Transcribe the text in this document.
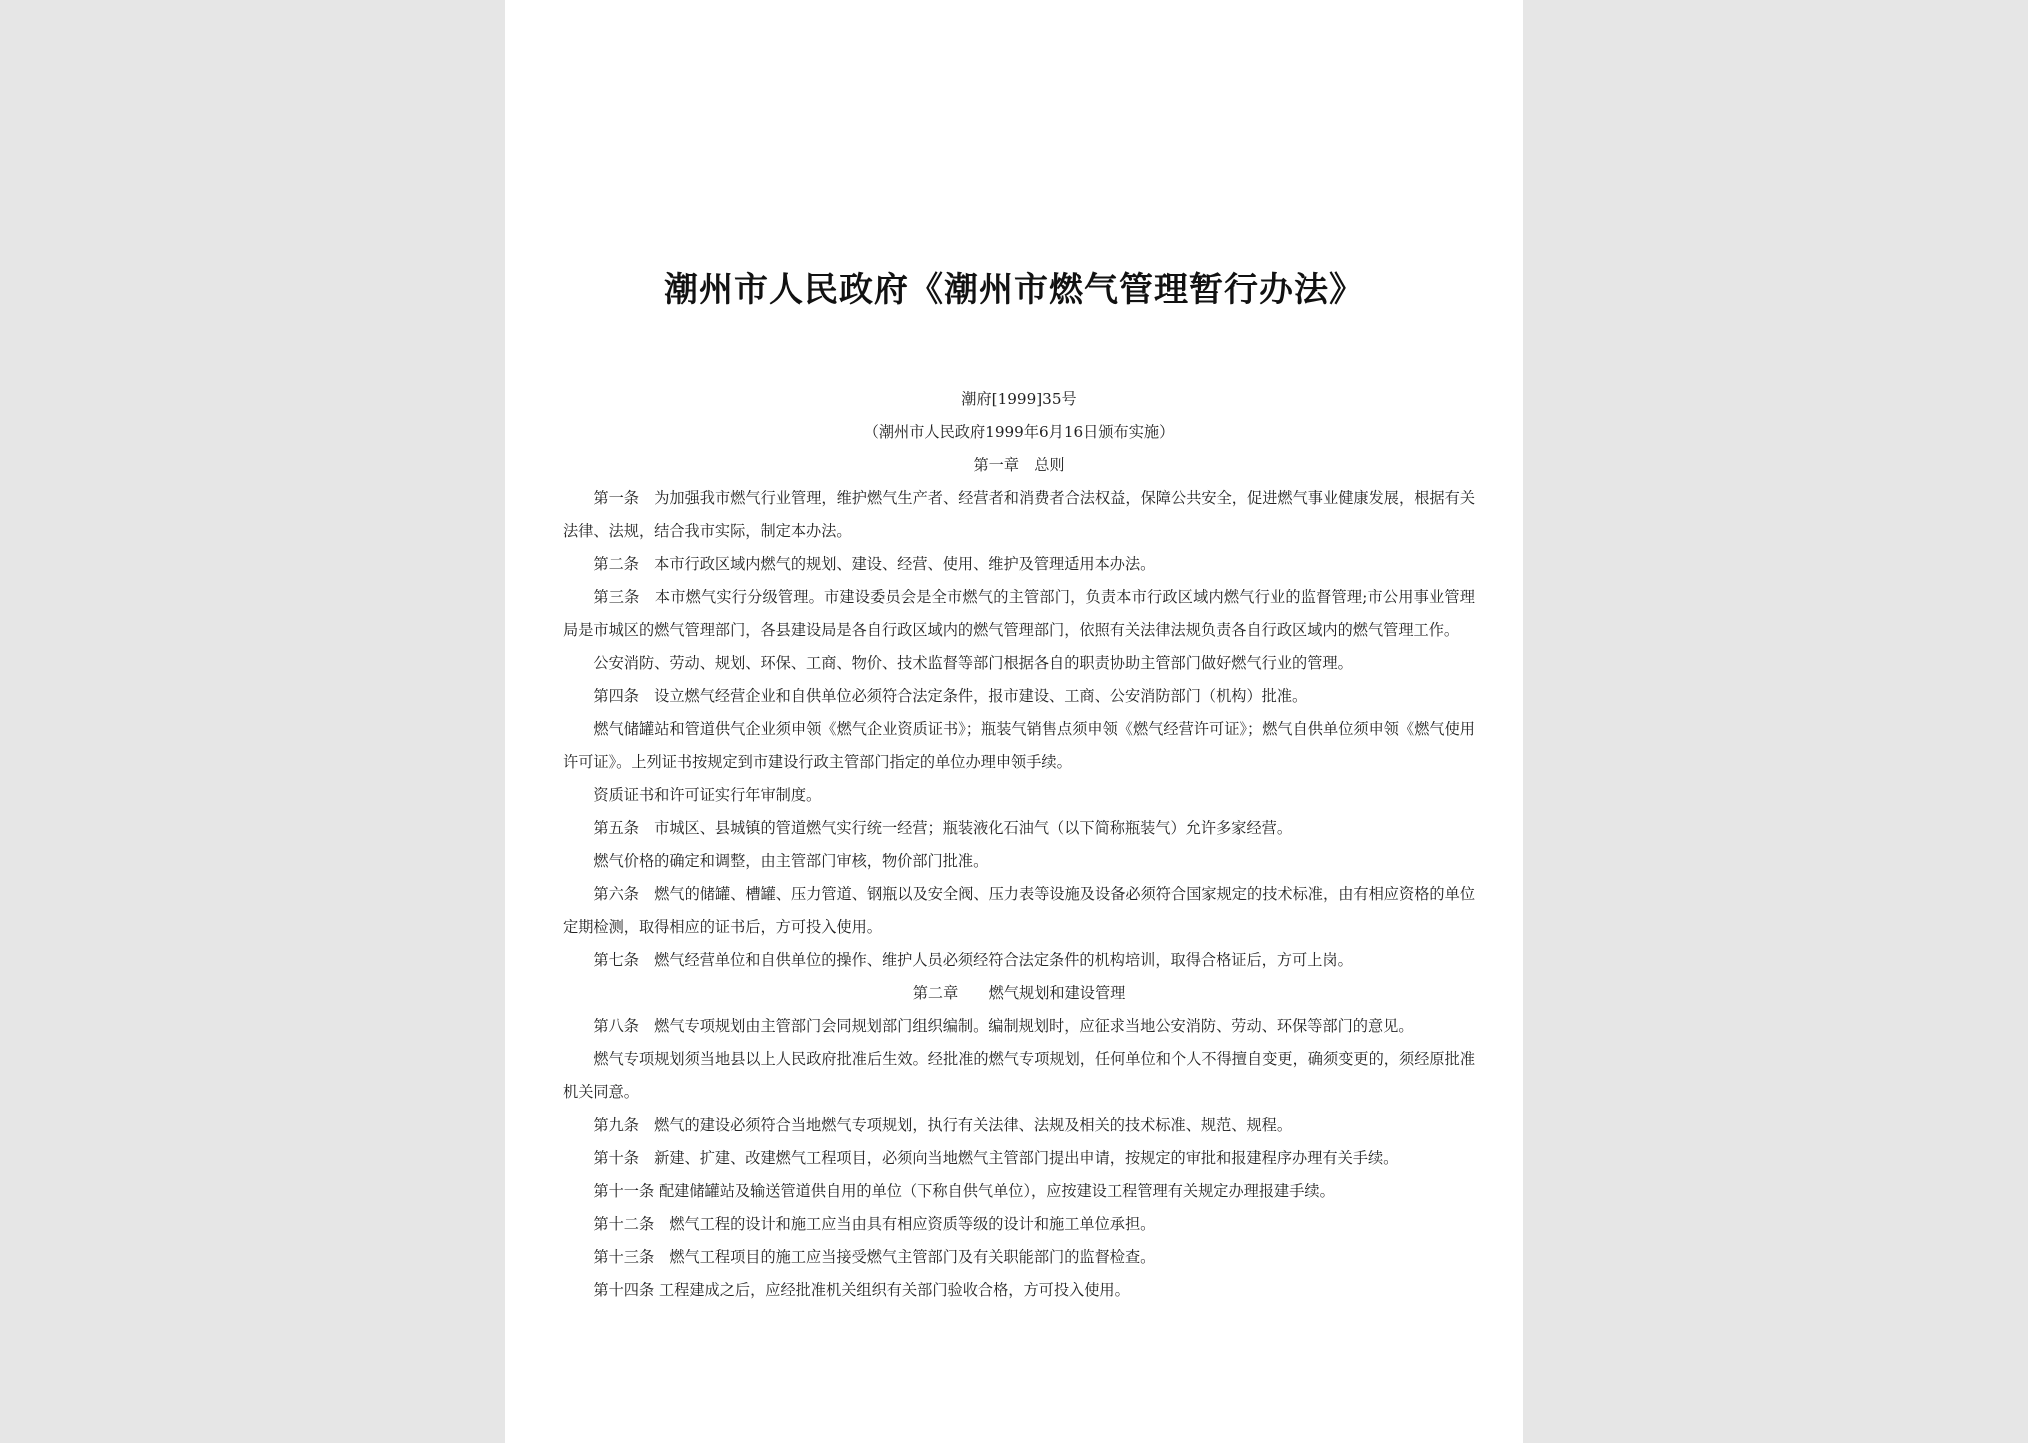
潮州市人民政府《潮州市燃气管理暂行办法》

潮府[1999]35号

（潮州市人民政府1999年6月16日颁布实施）

第一章　总则

第一条　为加强我市燃气行业管理，维护燃气生产者、经营者和消费者合法权益，保障公共安全，促进燃气事业健康发展，根据有关法律、法规，结合我市实际，制定本办法。

第二条　本市行政区域内燃气的规划、建设、经营、使用、维护及管理适用本办法。

第三条　本市燃气实行分级管理。市建设委员会是全市燃气的主管部门，负责本市行政区域内燃气行业的监督管理;市公用事业管理局是市城区的燃气管理部门，各县建设局是各自行政区域内的燃气管理部门，依照有关法律法规负责各自行政区域内的燃气管理工作。

公安消防、劳动、规划、环保、工商、物价、技术监督等部门根据各自的职责协助主管部门做好燃气行业的管理。

第四条　设立燃气经营企业和自供单位必须符合法定条件，报市建设、工商、公安消防部门（机构）批准。

燃气储罐站和管道供气企业须申领《燃气企业资质证书》；瓶装气销售点须申领《燃气经营许可证》；燃气自供单位须申领《燃气使用许可证》。上列证书按规定到市建设行政主管部门指定的单位办理申领手续。

资质证书和许可证实行年审制度。

第五条　市城区、县城镇的管道燃气实行统一经营；瓶装液化石油气（以下简称瓶装气）允许多家经营。

燃气价格的确定和调整，由主管部门审核，物价部门批准。

第六条　燃气的储罐、槽罐、压力管道、钢瓶以及安全阀、压力表等设施及设备必须符合国家规定的技术标准，由有相应资格的单位定期检测，取得相应的证书后，方可投入使用。

第七条　燃气经营单位和自供单位的操作、维护人员必须经符合法定条件的机构培训，取得合格证后，方可上岗。

第二章　　燃气规划和建设管理

第八条　燃气专项规划由主管部门会同规划部门组织编制。编制规划时，应征求当地公安消防、劳动、环保等部门的意见。

燃气专项规划须当地县以上人民政府批准后生效。经批准的燃气专项规划，任何单位和个人不得擅自变更，确须变更的，须经原批准机关同意。

第九条　燃气的建设必须符合当地燃气专项规划，执行有关法律、法规及相关的技术标准、规范、规程。

第十条　新建、扩建、改建燃气工程项目，必须向当地燃气主管部门提出申请，按规定的审批和报建程序办理有关手续。

第十一条 配建储罐站及输送管道供自用的单位（下称自供气单位），应按建设工程管理有关规定办理报建手续。

第十二条　燃气工程的设计和施工应当由具有相应资质等级的设计和施工单位承担。

第十三条　燃气工程项目的施工应当接受燃气主管部门及有关职能部门的监督检查。

第十四条 工程建成之后，应经批准机关组织有关部门验收合格，方可投入使用。
